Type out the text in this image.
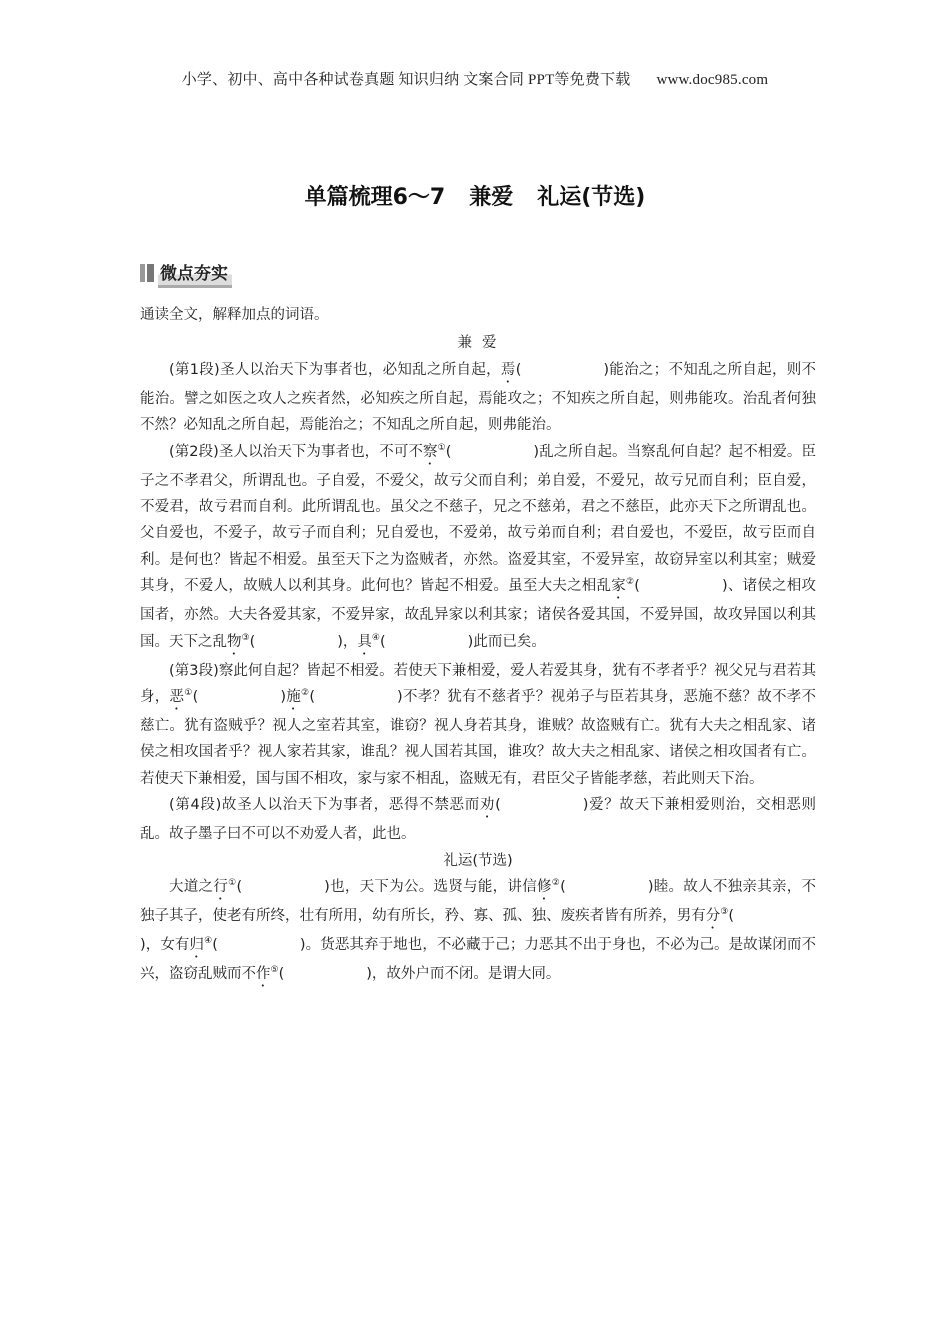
小学、初中、高中各种试卷真题 知识归纳 文案合同 PPT等免费下载 www.doc985.com
单篇梳理6～7 兼爱 礼运(节选)
微点夯实

通读全文，解释加点的词语。

兼爱

(第1段)圣人以治天下为事者也，必知乱之所自起，焉(	)能治之；不知乱之所自起，则不能治。譬之如医之攻人之疾者然，必知疾之所自起，焉能攻之；不知疾之所自起，则弗能攻。治乱者何独不然？必知乱之所自起，焉能治之；不知乱之所自起，则弗能治。

(第2段)圣人以治天下为事者也，不可不察①(	)乱之所自起。当察乱何自起？起不相爱。臣子之不孝君父，所谓乱也。子自爱，不爱父，故亏父而自利；弟自爱，不爱兄，故亏兄而自利；臣自爱，不爱君，故亏君而自利。此所谓乱也。虽父之不慈子，兄之不慈弟，君之不慈臣，此亦天下之所谓乱也。父自爱也，不爱子，故亏子而自利；兄自爱也，不爱弟，故亏弟而自利；君自爱也，不爱臣，故亏臣而自利。是何也？皆起不相爱。虽至天下之为盗贼者，亦然。盗爱其室，不爱异室，故窃异室以利其室；贼爱其身，不爱人，故贼人以利其身。此何也？皆起不相爱。虽至大夫之相乱家②(	)、诸侯之相攻国者，亦然。大夫各爱其家，不爱异家，故乱异家以利其家；诸侯各爱其国，不爱异国，故攻异国以利其国。天下之乱物③(	)，具④(	)此而已矣。

(第3段)察此何自起？皆起不相爱。若使天下兼相爱，爱人若爱其身，犹有不孝者乎？视父兄与君若其身，恶①(	)施②(	)不孝？犹有不慈者乎？视弟子与臣若其身，恶施不慈？故不孝不慈亡。犹有盗贼乎？视人之室若其室，谁窃？视人身若其身，谁贼？故盗贼有亡。犹有大夫之相乱家、诸侯之相攻国者乎？视人家若其家，谁乱？视人国若其国，谁攻？故大夫之相乱家、诸侯之相攻国者有亡。若使天下兼相爱，国与国不相攻，家与家不相乱，盗贼无有，君臣父子皆能孝慈，若此则天下治。

(第4段)故圣人以治天下为事者，恶得不禁恶而劝(	)爱？故天下兼相爱则治，交相恶则乱。故子墨子曰不可以不劝爱人者，此也。

礼运(节选)

大道之行①(	)也，天下为公。选贤与能，讲信修②(	)睦。故人不独亲其亲，不独子其子，使老有所终，壮有所用，幼有所长，矜、寡、孤、独、废疾者皆有所养，男有分③()，女有归④(	)。货恶其弃于地也，不必藏于己；力恶其不出于身也，不必为己。是故谋闭而不兴，盗窃乱贼而不作⑤(	)，故外户而不闭。是谓大同。
